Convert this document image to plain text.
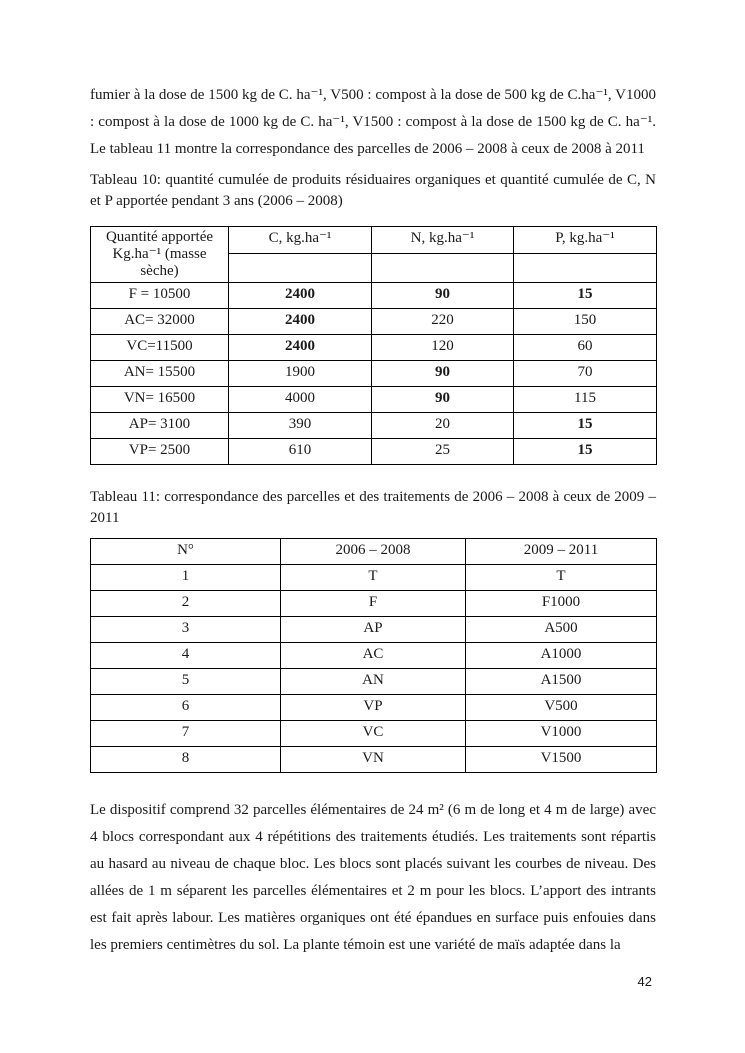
fumier à la dose de 1500 kg de C. ha⁻¹, V500 : compost à la dose de 500 kg de C.ha⁻¹, V1000 : compost à la dose de 1000 kg de C. ha⁻¹, V1500 : compost à la dose de 1500 kg de C. ha⁻¹. Le tableau 11 montre la correspondance des parcelles de 2006 – 2008 à ceux de 2008 à 2011

Tableau 10: quantité cumulée de produits résiduaires organiques et quantité cumulée de C, N et P apportée pendant 3 ans (2006 – 2008)

Quantité apportée Kg.ha⁻¹ (masse sèche)	C, kg.ha⁻¹	N, kg.ha⁻¹	P, kg.ha⁻¹

F = 10500	2400	90	15
AC= 32000	2400	220	150
VC=11500	2400	120	60
AN= 15500	1900	90	70
VN= 16500	4000	90	115
AP= 3100	390	20	15
VP= 2500	610	25	15

Tableau 11: correspondance des parcelles et des traitements de 2006 – 2008 à ceux de 2009 – 2011

N°	2006 – 2008	2009 – 2011
1	T	T
2	F	F1000
3	AP	A500
4	AC	A1000
5	AN	A1500
6	VP	V500
7	VC	V1000
8	VN	V1500

Le dispositif comprend 32 parcelles élémentaires de 24 m² (6 m de long et 4 m de large) avec 4 blocs correspondant aux 4 répétitions des traitements étudiés. Les traitements sont répartis au hasard au niveau de chaque bloc. Les blocs sont placés suivant les courbes de niveau. Des allées de 1 m séparent les parcelles élémentaires et 2 m pour les blocs. L’apport des intrants est fait après labour. Les matières organiques ont été épandues en surface puis enfouies dans les premiers centimètres du sol. La plante témoin est une variété de maïs adaptée dans la

42
